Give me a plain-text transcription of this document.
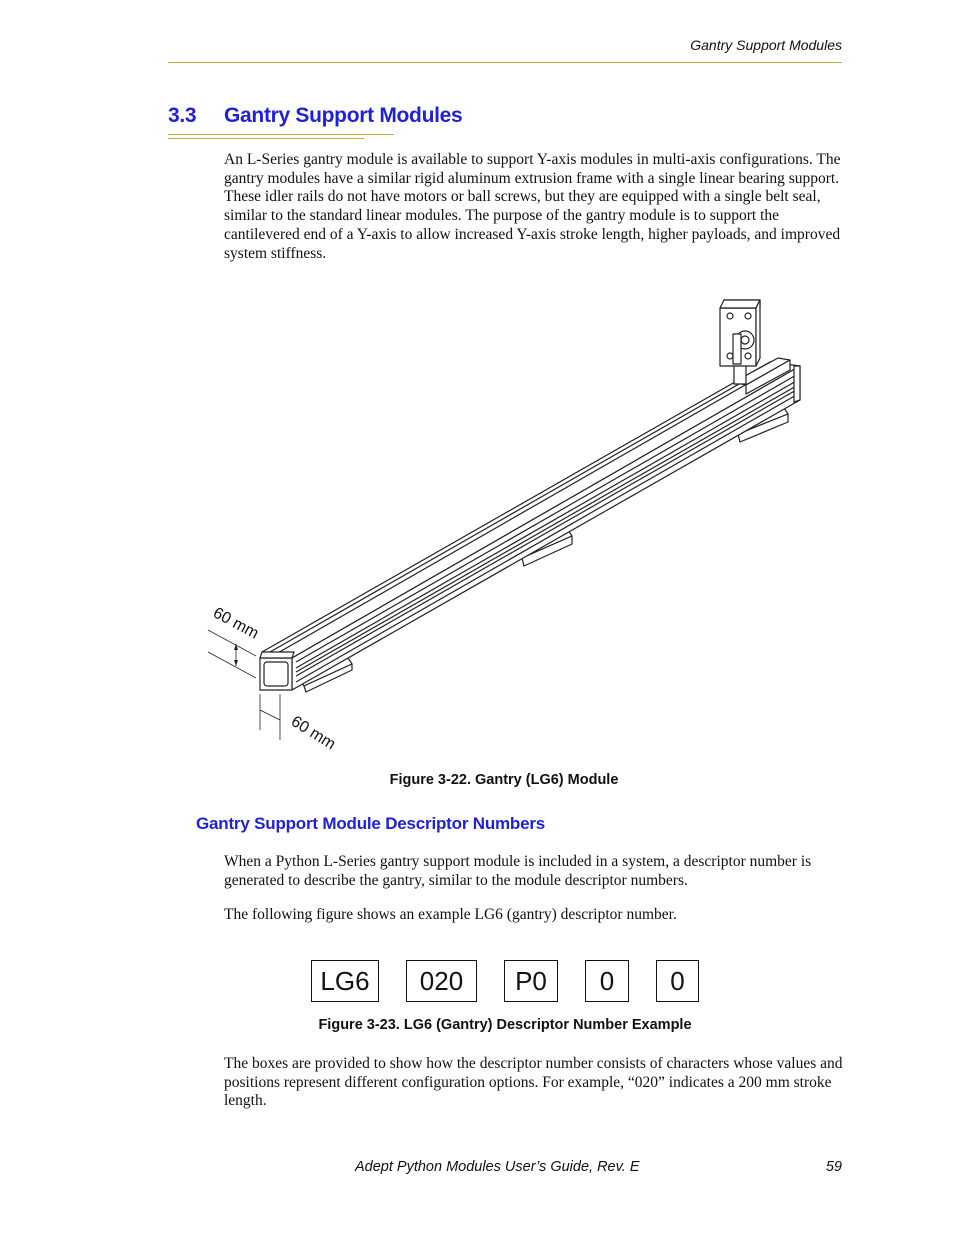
Gantry Support Modules
3.3 Gantry Support Modules
An L-Series gantry module is available to support Y-axis modules in multi-axis configurations. The gantry modules have a similar rigid aluminum extrusion frame with a single linear bearing support. These idler rails do not have motors or ball screws, but they are equipped with a single belt seal, similar to the standard linear modules. The purpose of the gantry module is to support the cantilevered end of a Y-axis to allow increased Y-axis stroke length, higher payloads, and improved system stiffness.
60 mm
60 mm
Figure 3-22. Gantry (LG6) Module
Gantry Support Module Descriptor Numbers
When a Python L-Series gantry support module is included in a system, a descriptor number is generated to describe the gantry, similar to the module descriptor numbers.
The following figure shows an example LG6 (gantry) descriptor number.
LG6	020	P0	0	0
Figure 3-23. LG6 (Gantry) Descriptor Number Example
The boxes are provided to show how the descriptor number consists of characters whose values and positions represent different configuration options. For example, “020” indicates a 200 mm stroke length.
Adept Python Modules User’s Guide, Rev. E	59
